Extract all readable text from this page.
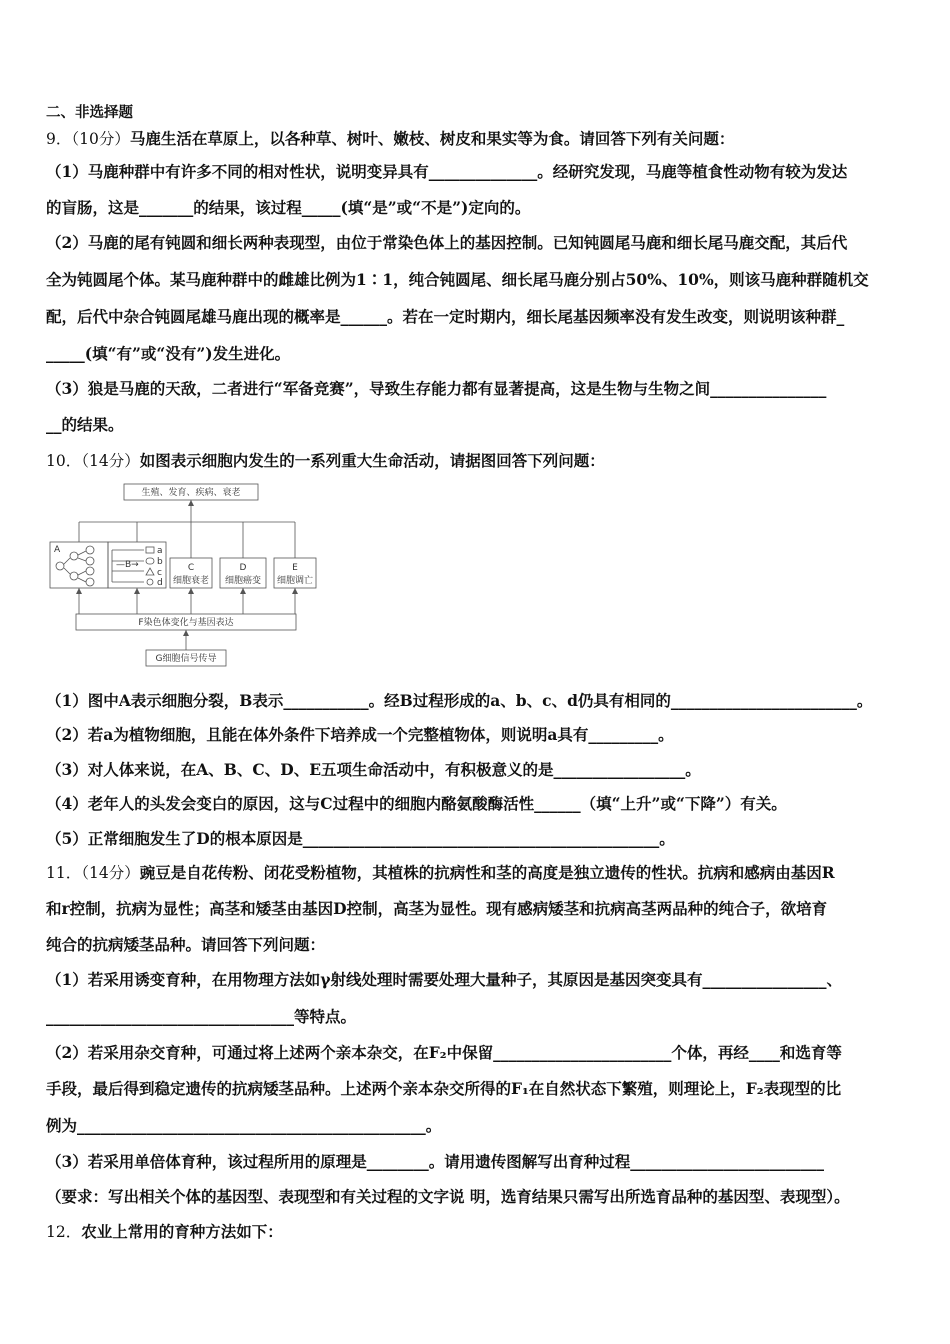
二、非选择题
9．（10分）马鹿生活在草原上，以各种草、树叶、嫩枝、树皮和果实等为食。请回答下列有关问题：
（1）马鹿种群中有许多不同的相对性状，说明变异具有______________。经研究发现，马鹿等植食性动物有较为发达
的盲肠，这是_______的结果，该过程_____(填“是”或“不是”)定向的。
（2）马鹿的尾有钝圆和细长两种表现型，由位于常染色体上的基因控制。已知钝圆尾马鹿和细长尾马鹿交配，其后代
全为钝圆尾个体。某马鹿种群中的雌雄比例为1∶1，纯合钝圆尾、细长尾马鹿分别占50%、10%，则该马鹿种群随机交
配，后代中杂合钝圆尾雄马鹿出现的概率是______。若在一定时期内，细长尾基因频率没有发生改变，则说明该种群_
_____(填“有”或“没有”)发生进化。
（3）狼是马鹿的天敌，二者进行“军备竞赛”，导致生存能力都有显著提高，这是生物与生物之间_______________
__的结果。
10．（14分）如图表示细胞内发生的一系列重大生命活动，请据图回答下列问题：
生殖、发育、疾病、衰老
A
—B→
a
b
c
d
C
细胞衰老
D
细胞癌变
E
细胞调亡
F染色体变化与基因表达
G细胞信号传导
（1）图中A表示细胞分裂，B表示___________。经B过程形成的a、b、c、d仍具有相同的________________________。
（2）若a为植物细胞，且能在体外条件下培养成一个完整植物体，则说明a具有_________。
（3）对人体来说，在A、B、C、D、E五项生命活动中，有积极意义的是_________________。
（4）老年人的头发会变白的原因，这与C过程中的细胞内酪氨酸酶活性______（填“上升”或“下降”）有关。
（5）正常细胞发生了D的根本原因是______________________________________________。
11．（14分）豌豆是自花传粉、闭花受粉植物，其植株的抗病性和茎的高度是独立遗传的性状。抗病和感病由基因R
和r控制，抗病为显性；高茎和矮茎由基因D控制，高茎为显性。现有感病矮茎和抗病高茎两品种的纯合子，欲培育
纯合的抗病矮茎品种。请回答下列问题：
（1）若采用诱变育种，在用物理方法如γ射线处理时需要处理大量种子，其原因是基因突变具有________________、
________________________________等特点。
（2）若采用杂交育种，可通过将上述两个亲本杂交，在F₂中保留_______________________个体，再经____和选育等
手段，最后得到稳定遗传的抗病矮茎品种。上述两个亲本杂交所得的F₁在自然状态下繁殖，则理论上，F₂表现型的比
例为_____________________________________________。
（3）若采用单倍体育种，该过程所用的原理是________。请用遗传图解写出育种过程_________________________
（要求：写出相关个体的基因型、表现型和有关过程的文字说 明，选育结果只需写出所选育品种的基因型、表现型）。
12．农业上常用的育种方法如下：
